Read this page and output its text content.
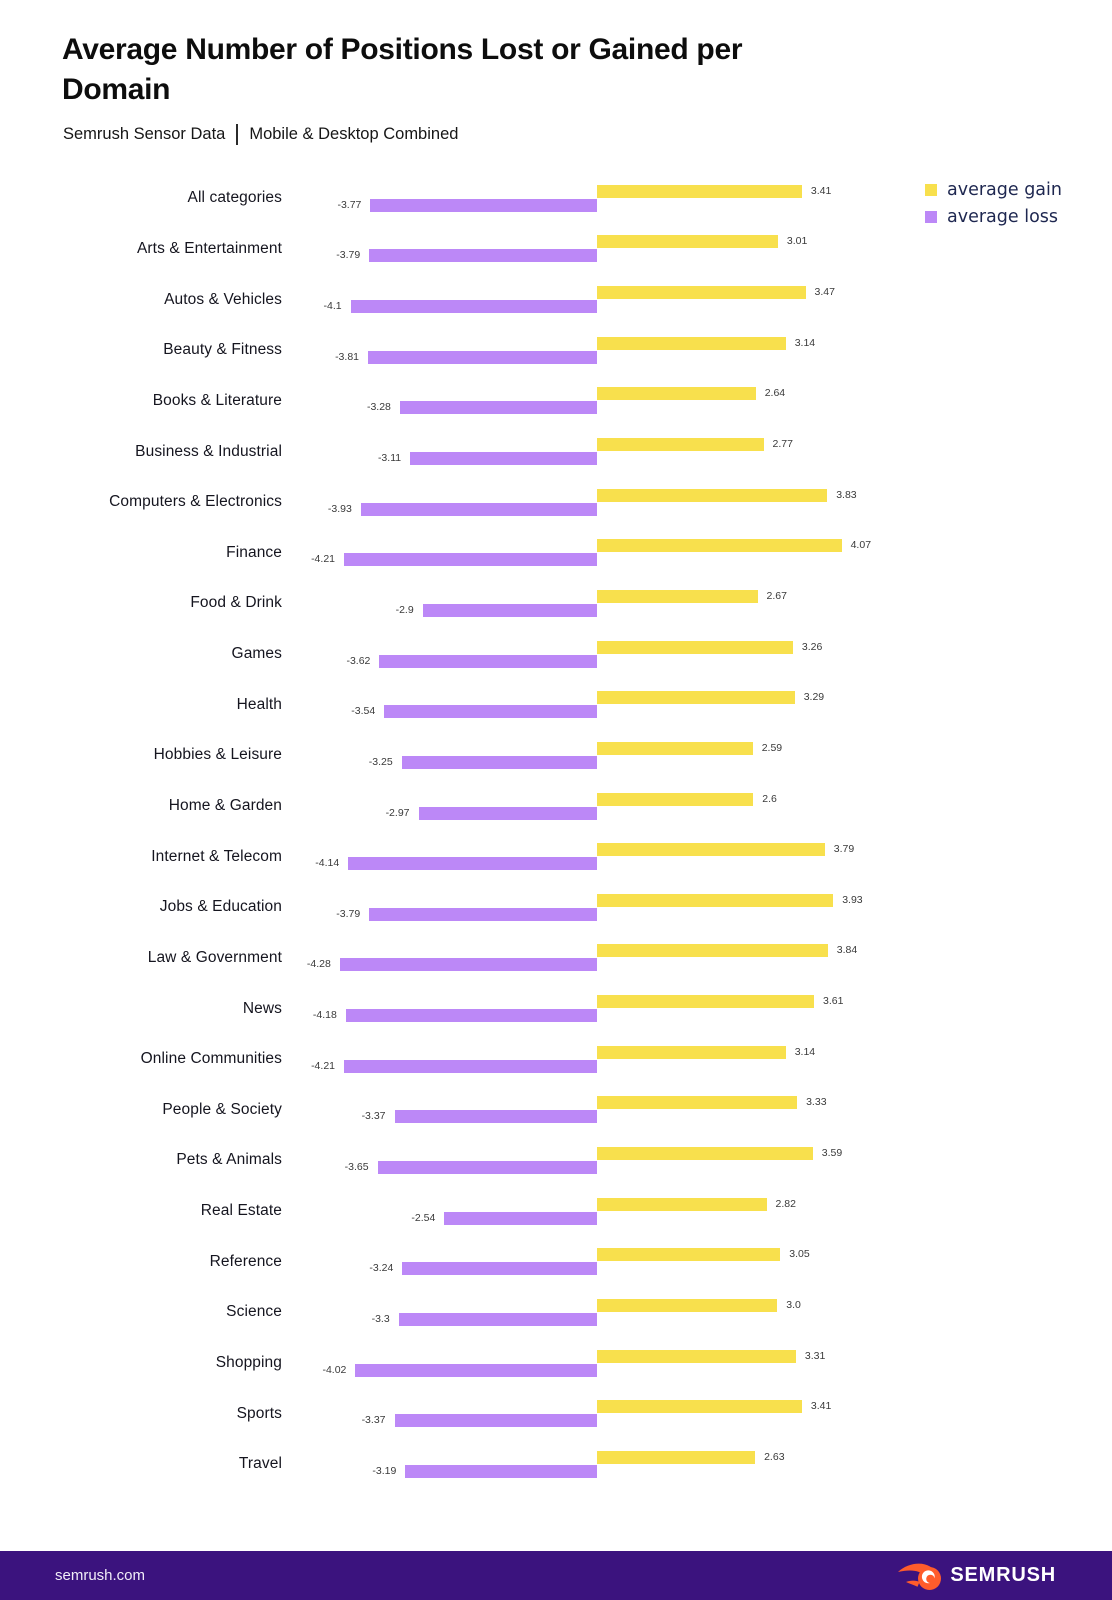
Average Number of Positions Lost or Gained per Domain
Semrush Sensor Data Mobile & Desktop Combined
average gain
average loss
All categories	3.41
-3.77
Arts & Entertainment	3.01
-3.79
Autos & Vehicles	3.47
-4.1
Beauty & Fitness	3.14
-3.81
Books & Literature	2.64
-3.28
Business & Industrial	2.77
-3.11
Computers & Electronics	3.83
-3.93
Finance	4.07
-4.21
Food & Drink	2.67
-2.9
Games	3.26
-3.62
Health	3.29
-3.54
Hobbies & Leisure	2.59
-3.25
Home & Garden	2.6
-2.97
Internet & Telecom	3.79
-4.14
Jobs & Education	3.93
-3.79
Law & Government	3.84
-4.28
News	3.61
-4.18
Online Communities	3.14
-4.21
People & Society	3.33
-3.37
Pets & Animals	3.59
-3.65
Real Estate	2.82
-2.54
Reference	3.05
-3.24
Science	3.0
-3.3
Shopping	3.31
-4.02
Sports	3.41
-3.37
Travel	2.63
-3.19
semrush.com	SEMRUSH
